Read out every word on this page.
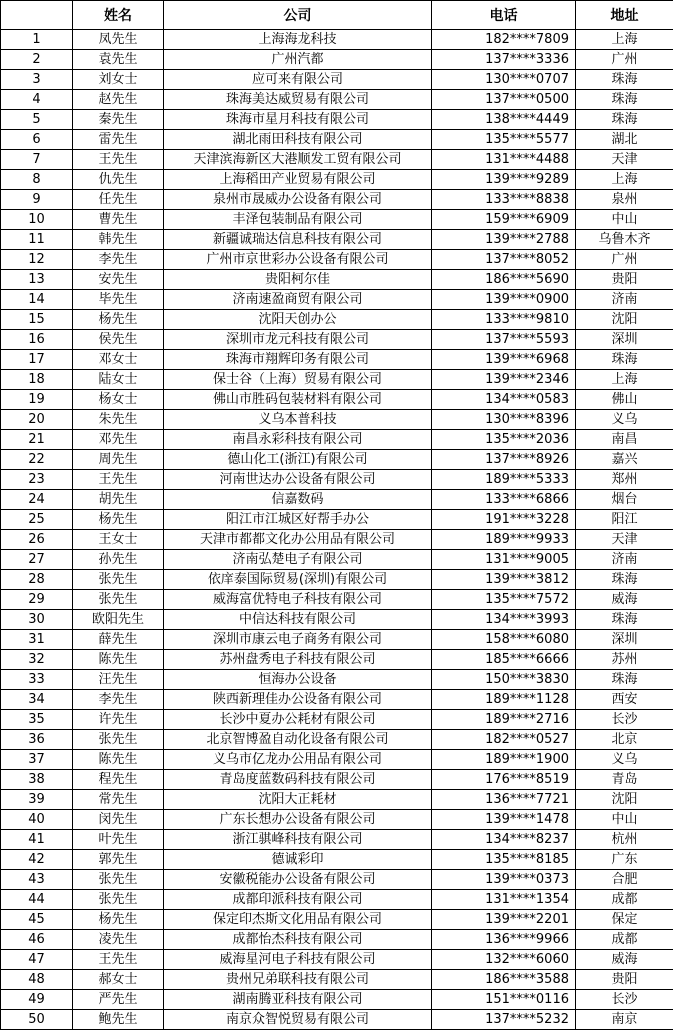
	姓名	公司	电话	地址
1	凤先生	上海海龙科技	182****7809	上海
2	袁先生	广州汽都	137****3336	广州
3	刘女士	应可来有限公司	130****0707	珠海
4	赵先生	珠海美达威贸易有限公司	137****0500	珠海
5	秦先生	珠海市星月科技有限公司	138****4449	珠海
6	雷先生	湖北雨田科技有限公司	135****5577	湖北
7	王先生	天津滨海新区大港顺发工贸有限公司	131****4488	天津
8	仇先生	上海稻田产业贸易有限公司	139****9289	上海
9	任先生	泉州市晟威办公设备有限公司	133****8838	泉州
10	曹先生	丰泽包装制品有限公司	159****6909	中山
11	韩先生	新疆诚瑞达信息科技有限公司	139****2788	乌鲁木齐
12	李先生	广州市京世彩办公设备有限公司	137****8052	广州
13	安先生	贵阳柯尔佳	186****5690	贵阳
14	毕先生	济南速盈商贸有限公司	139****0900	济南
15	杨先生	沈阳天创办公	133****9810	沈阳
16	侯先生	深圳市龙元科技有限公司	137****5593	深圳
17	邓女士	珠海市翔辉印务有限公司	139****6968	珠海
18	陆女士	保士谷（上海）贸易有限公司	139****2346	上海
19	杨女士	佛山市胜码包装材料有限公司	134****0583	佛山
20	朱先生	义乌本普科技	130****8396	义乌
21	邓先生	南昌永彩科技有限公司	135****2036	南昌
22	周先生	德山化工(浙江)有限公司	137****8926	嘉兴
23	王先生	河南世达办公设备有限公司	189****5333	郑州
24	胡先生	信嘉数码	133****6866	烟台
25	杨先生	阳江市江城区好帮手办公	191****3228	阳江
26	王女士	天津市都都文化办公用品有限公司	189****9933	天津
27	孙先生	济南弘楚电子有限公司	131****9005	济南
28	张先生	依庠泰国际贸易(深圳)有限公司	139****3812	珠海
29	张先生	威海富优特电子科技有限公司	135****7572	威海
30	欧阳先生	中信达科技有限公司	134****3993	珠海
31	薛先生	深圳市康云电子商务有限公司	158****6080	深圳
32	陈先生	苏州盘秀电子科技有限公司	185****6666	苏州
33	汪先生	恒海办公设备	150****3830	珠海
34	李先生	陕西新理佳办公设备有限公司	189****1128	西安
35	许先生	长沙中夏办公耗材有限公司	189****2716	长沙
36	张先生	北京智博盈自动化设备有限公司	182****0527	北京
37	陈先生	义乌市亿龙办公用品有限公司	189****1900	义乌
38	程先生	青岛度蓝数码科技有限公司	176****8519	青岛
39	常先生	沈阳大正耗材	136****7721	沈阳
40	闵先生	广东长想办公设备有限公司	139****1478	中山
41	叶先生	浙江骐峰科技有限公司	134****8237	杭州
42	郭先生	德诚彩印	135****8185	广东
43	张先生	安徽税能办公设备有限公司	139****0373	合肥
44	张先生	成都印派科技有限公司	131****1354	成都
45	杨先生	保定印杰斯文化用品有限公司	139****2201	保定
46	凌先生	成都怡杰科技有限公司	136****9966	成都
47	王先生	威海星河电子科技有限公司	132****6060	威海
48	郝女士	贵州兄弟联科技有限公司	186****3588	贵阳
49	严先生	湖南腾亚科技有限公司	151****0116	长沙
50	鲍先生	南京众智悦贸易有限公司	137****5232	南京
